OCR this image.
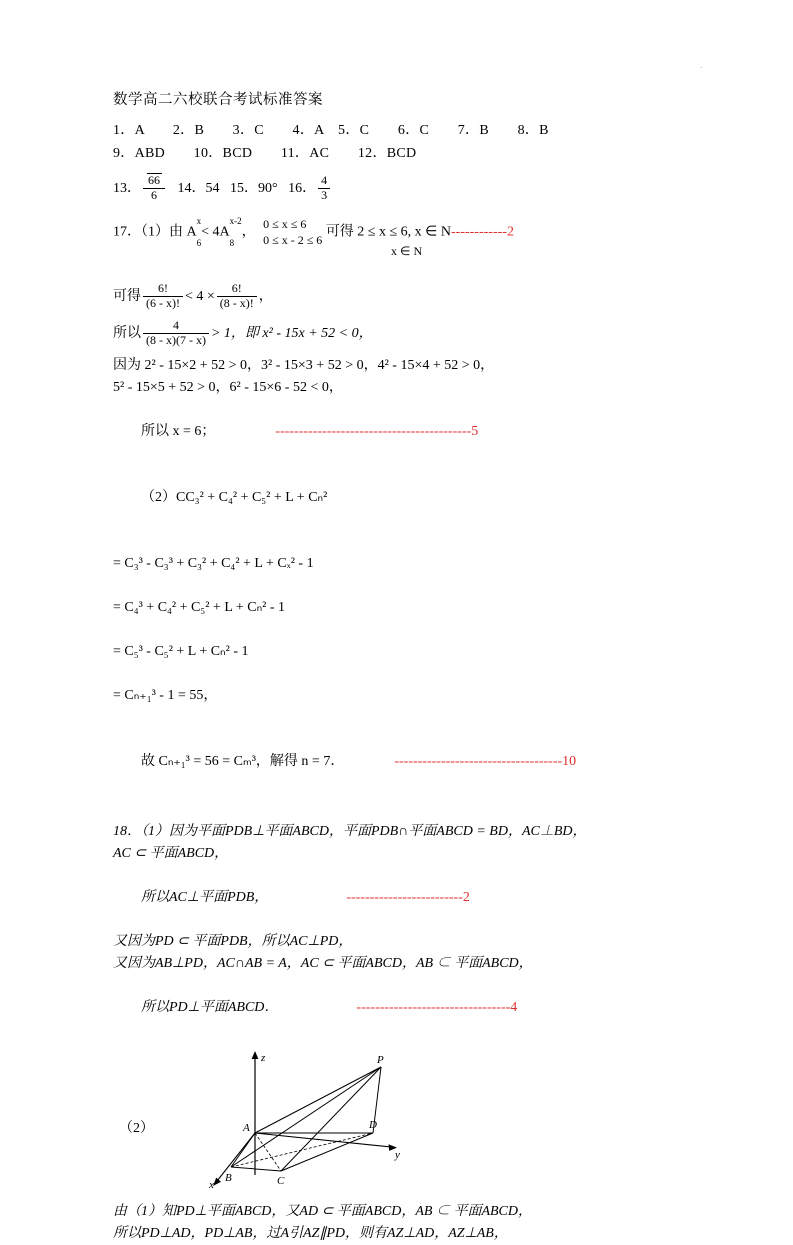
·
数学高二六校联合考试标准答案
1．A　　2．B　　3．C　　4．A　5．C　　6．C　　7．B　　8．B
9．ABD　　10．BCD　　11．AC　　12．BCD
13． $\frac{66}{6} 14$．54 15．90° 16． $\frac{4}{3}$
17．（1）由 $A^x$
$_6< 4A^{x-2}$
$_8$， 0 ≤ x ≤ 6
0 ≤ x - 2 ≤ 6 可得 2 ≤ x ≤ 6, x ∈ N------------2
x ∈ N
可得 $\frac{6!}{(6 - x)!} < 4 \times \frac{6!}{(8 - x)!}$ ，
所以 $\frac{4}{(8 - x)(7 - x)} > 1$，即 x² - 15x + 52 < 0，
因为 2² - 15×2 + 52 > 0，3² - 15×3 + 52 > 0，4² - 15×4 + 52 > 0，
5² - 15×5 + 52 > 0，6² - 15×6 - 52 < 0，

所以 x = 6；	------------------------------------------5

（2）CC₃² + C₄² + C₅² + L + Cₙ²

= C₃³ - C₃³ + C₃² + C₄² + L + Cₓ² - 1
= C₄³ + C₄² + C₅² + L + Cₙ² - 1
= C₅³ - C₅² + L + Cₙ² - 1
= Cₙ₊₁³ - 1 = 55，

故 Cₙ₊₁³ = 56 = Cₘ³，解得 n = 7．	------------------------------------10

18．（1）因为平面PDB⊥平面ABCD，平面PDB∩平面ABCD = BD，AC⊥BD，
AC ⊂ 平面ABCD，

所以AC⊥平面PDB，	-------------------------2

又因为PD ⊂ 平面PDB，所以AC⊥PD，
又因为AB⊥PD，AC∩AB = A，AC ⊂ 平面ABCD，AB ⊂ 平面ABCD，

所以PD⊥平面ABCD．	---------------------------------4

（2）
z
y
x
P
A
B	C
D
由（1）知PD⊥平面ABCD，又AD ⊂ 平面ABCD，AB ⊂ 平面ABCD，
所以PD⊥AD，PD⊥AB，过A引AZ∥PD，则有AZ⊥AD，AZ⊥AB，
